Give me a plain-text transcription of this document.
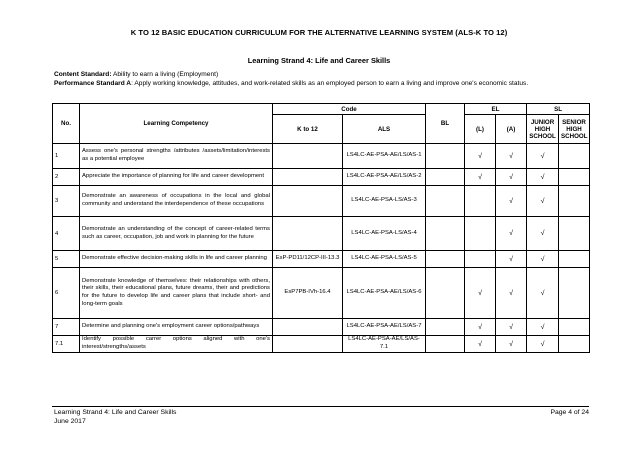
K TO 12 BASIC EDUCATION CURRICULUM FOR THE ALTERNATIVE LEARNING SYSTEM (ALS-K TO 12)
Learning Strand 4: Life and Career Skills
Content Standard: Ability to earn a living (Employment)
Performance Standard A: Apply working knowledge, attitudes, and work-related skills as an employed person to earn a living and improve one's economic status.
No.	Learning Competency	Code		BL	EL		SL	
		K to 12	ALS		(L)	(A)	JUNIOR HIGH SCHOOL	SENIOR HIGH SCHOOL
1	Assess one's personal strengths /attributes /assets/limitation/interests as a potential employee		LS4LC-AE-PSA-AE/LS/AS-1		√	√	√	
2	Appreciate the importance of planning for life and career development		LS4LC-AE-PSA-AE/LS/AS-2		√	√	√	
3	Demonstrate an awareness of occupations in the local and global community and understand the interdependence of these occupations		LS4LC-AE-PSA-LS/AS-3			√	√	
4	Demonstrate an understanding of the concept of career-related terms such as career, occupation, job and work in planning for the future		LS4LC-AE-PSA-LS/AS-4			√	√	
5	Demonstrate effective decision-making skills in life and career planning	EsP-PD11/12CP-III-13.3	LS4LC-AE-PSA-LS/AS-5			√	√	
6	Demonstrate knowledge of themselves: their relationships with others, their skills, their educational plans, future dreams, their and predictions for the future to develop life and career plans that include short- and long-term goals	EsP7PB-IVh-16.4	LS4LC-AE-PSA-AE/LS/AS-6		√	√	√	
7	Determine and planning one's employment career options/pathways		LS4LC-AE-PSA-AE/LS/AS-7		√	√	√	
7.1	Identify possible carrer options aligned with one's interest/strengths/assets		LS4LC-AE-PSA-AE/LS/AS-7.1		√	√	√	
Learning Strand 4: Life and Career Skills
June 2017
Page 4 of 24
